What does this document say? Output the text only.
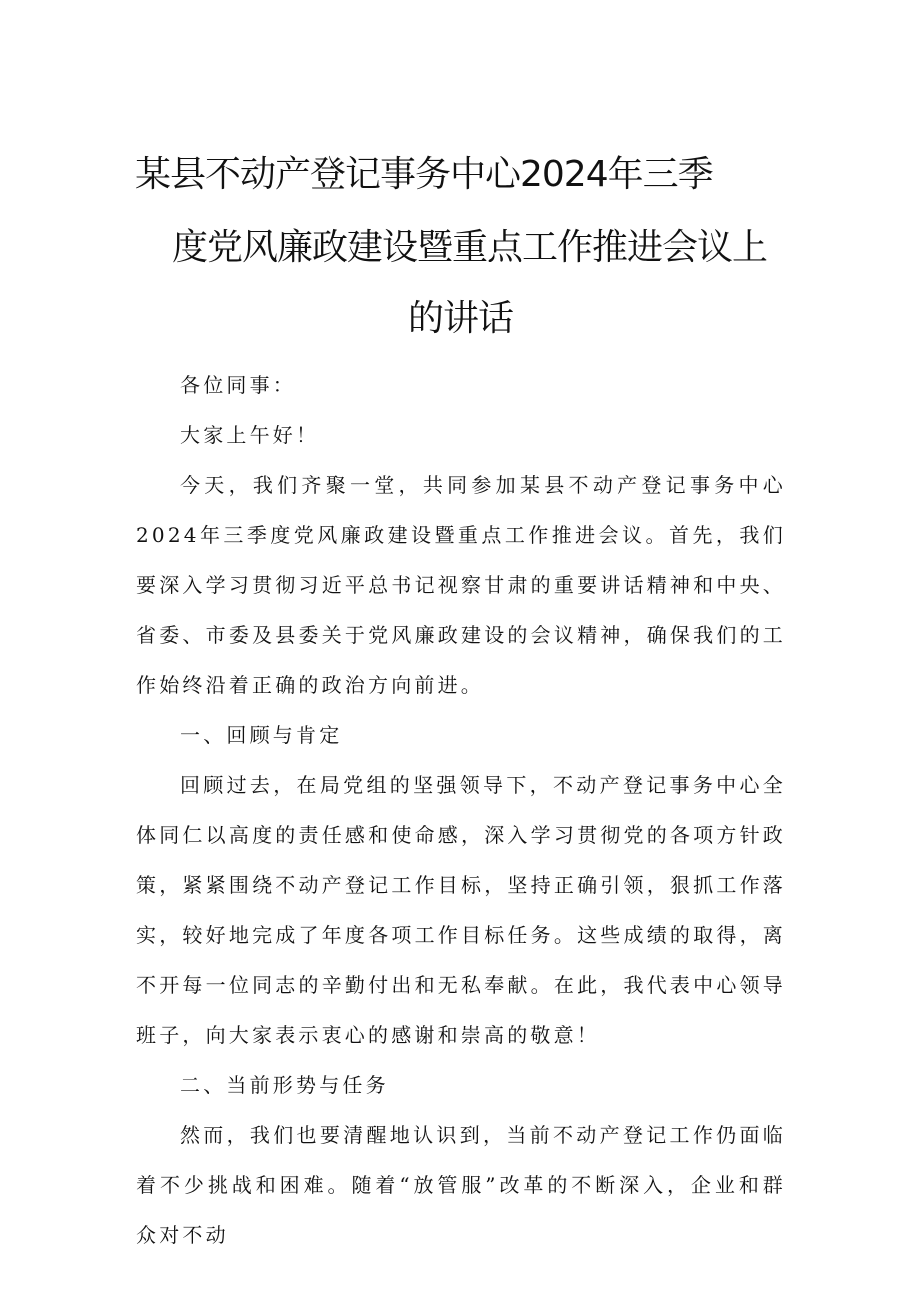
某县不动产登记事务中心2024年三季
度党风廉政建设暨重点工作推进会议上
的讲话

各位同事：

大家上午好！

今天，我们齐聚一堂，共同参加某县不动产登记事务中心2024年三季度党风廉政建设暨重点工作推进会议。首先，我们要深入学习贯彻习近平总书记视察甘肃的重要讲话精神和中央、省委、市委及县委关于党风廉政建设的会议精神，确保我们的工作始终沿着正确的政治方向前进。

一、回顾与肯定

回顾过去，在局党组的坚强领导下，不动产登记事务中心全体同仁以高度的责任感和使命感，深入学习贯彻党的各项方针政策，紧紧围绕不动产登记工作目标，坚持正确引领，狠抓工作落实，较好地完成了年度各项工作目标任务。这些成绩的取得，离不开每一位同志的辛勤付出和无私奉献。在此，我代表中心领导班子，向大家表示衷心的感谢和崇高的敬意！

二、当前形势与任务

然而，我们也要清醒地认识到，当前不动产登记工作仍面临着不少挑战和困难。随着“放管服”改革的不断深入，企业和群众对不动
